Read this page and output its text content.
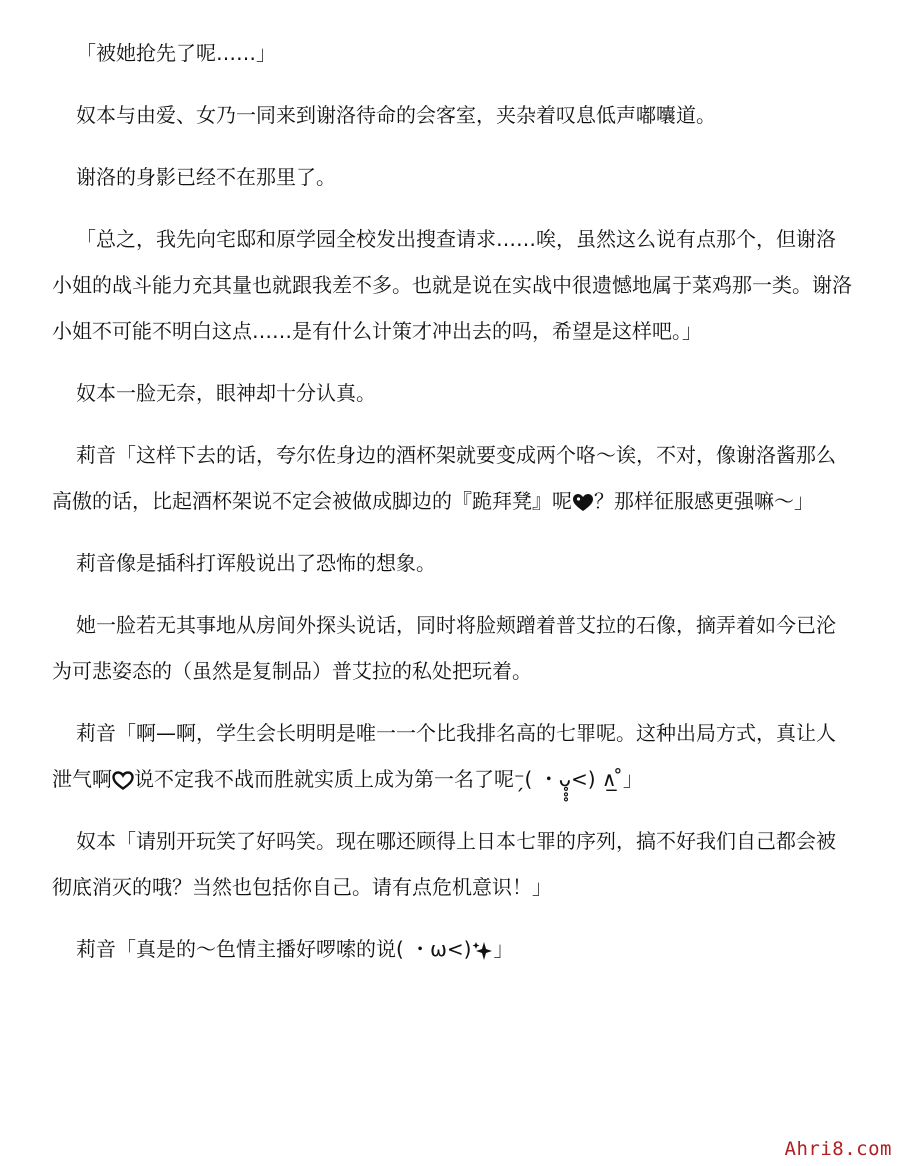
「被她抢先了呢……」

奴本与由爱、女乃一同来到谢洛待命的会客室，夹杂着叹息低声嘟囔道。

谢洛的身影已经不在那里了。

「总之，我先向宅邸和原学园全校发出搜查请求……唉，虽然这么说有点那个，但谢洛小姐的战斗能力充其量也就跟我差不多。也就是说在实战中很遗憾地属于菜鸡那一类。谢洛小姐不可能不明白这点……是有什么计策才冲出去的吗，希望是这样吧。」

奴本一脸无奈，眼神却十分认真。

莉音「这样下去的话，夸尔佐身边的酒杯架就要变成两个咯～诶，不对，像谢洛酱那么高傲的话，比起酒杯架说不定会被做成脚边的『跪拜凳』呢 ？那样征服感更强嘛～」

莉音像是插科打诨般说出了恐怖的想象。

她一脸若无其事地从房间外探头说话，同时将脸颊蹭着普艾拉的石像，摘弄着如今已沦为可悲姿态的（虽然是复制品）普艾拉的私处把玩着。

莉音「啊—啊，学生会长明明是唯一一个比我排名高的七罪呢。这种出局方式，真让人泄气啊 说不定我不战而胜就实质上成为第一名了呢⁻̗( ・ᴗ̥̥̥<) ∧̲ ̊」

奴本「请别开玩笑了好吗笑。现在哪还顾得上日本七罪的序列，搞不好我们自己都会被彻底消灭的哦？当然也包括你自己。请有点危机意识！」

莉音「真是的～色情主播好啰嗦的说( ・ω<) 」

Ahri8.com
